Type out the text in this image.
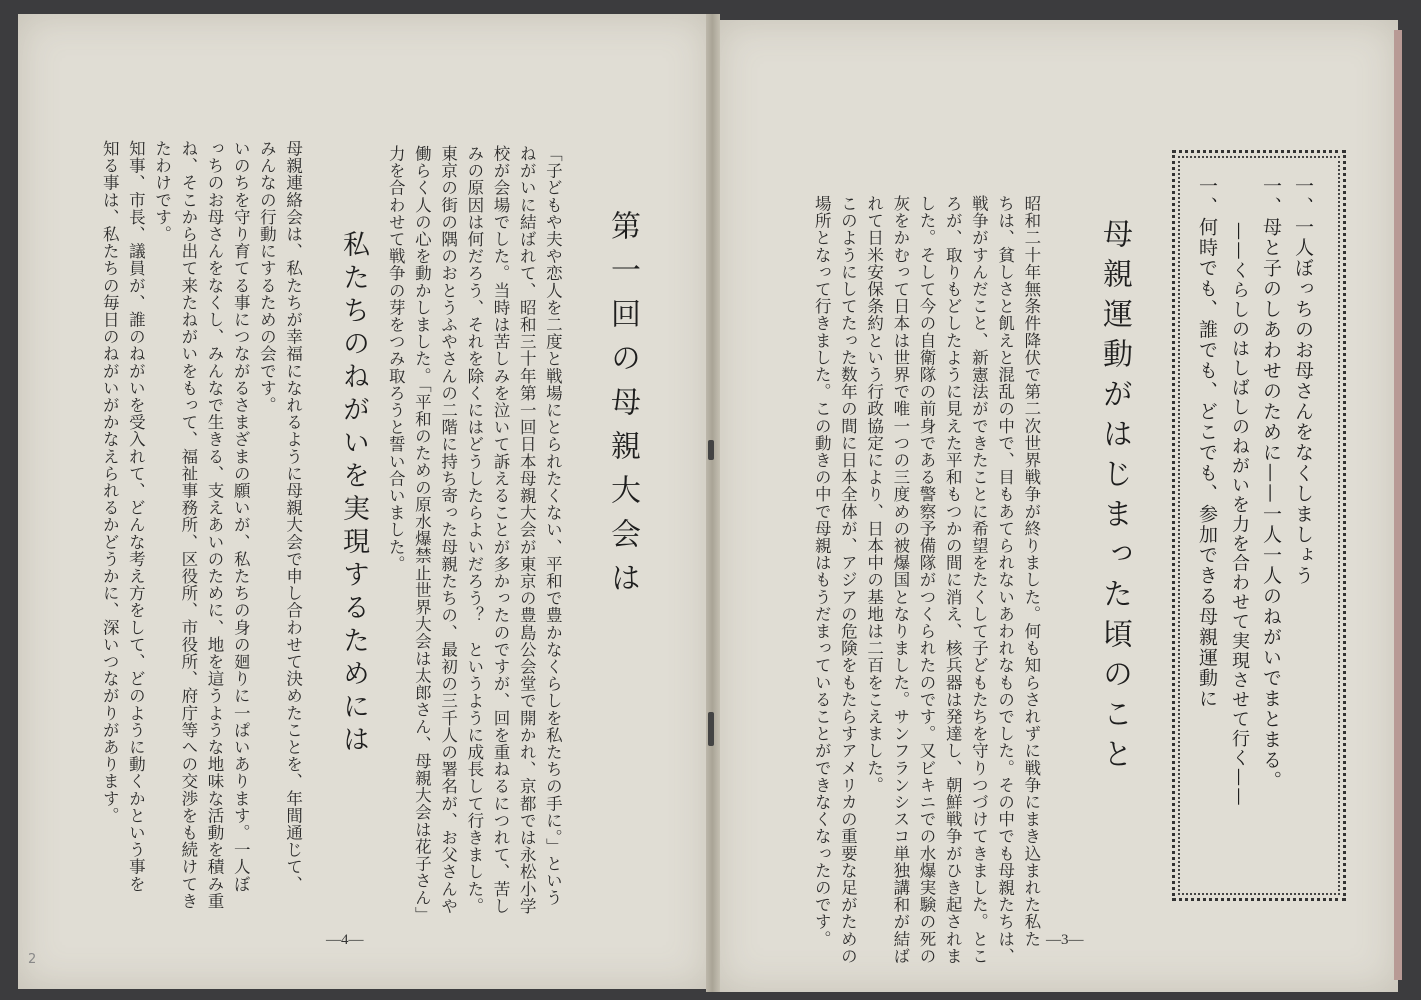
一、一人ぼっちのお母さんをなくしましょう
一、母と子のしあわせのために——一人一人のねがいでまとまる。
——くらしのはしばしのねがいを力を合わせて実現させて行く——
一、何時でも、誰でも、どこでも、参加できる母親運動に
母親運動がはじまった頃のこと
昭和二十年無条件降伏で第二次世界戦争が終りました。何も知らされずに戦争にまき込まれた私た
ちは、貧しさと飢えと混乱の中で、目もあてられないあわれなものでした。その中でも母親たちは、
戦争がすんだこと、新憲法ができたことに希望をたくして子どもたちを守りつづけてきました。とこ
ろが、取りもどしたように見えた平和もつかの間に消え、核兵器は発達し、朝鮮戦争がひき起されま
した。そして今の自衛隊の前身である警察予備隊がつくられたのです。又ビキニでの水爆実験の死の
灰をかむって日本は世界で唯一つの三度めの被爆国となりました。サンフランシスコ単独講和が結ば
れて日米安保条約という行政協定により、日本中の基地は二百をこえました。
このようにしてたった数年の間に日本全体が、アジアの危険をもたらすアメリカの重要な足がための
場所となって行きました。この動きの中で母親はもうだまっていることができなくなったのです。	—3—
第一回の母親大会は
「子どもや夫や恋人を二度と戦場にとられたくない、平和で豊かなくらしを私たちの手に。」という
ねがいに結ばれて、昭和三十年第一回日本母親大会が東京の豊島公会堂で開かれ、京都では永松小学
校が会場でした。当時は苦しみを泣いて訴えることが多かったのですが、回を重ねるにつれて、苦し
みの原因は何だろう、それを除くにはどうしたらよいだろう？　というように成長して行きました。
東京の街の隅のおとうふやさんの二階に持ち寄った母親たちの、最初の三千人の署名が、お父さんや
働らく人の心を動かしました。「平和のための原水爆禁止世界大会は太郎さん、母親大会は花子さん」
力を合わせて戦争の芽をつみ取ろうと誓い合いました。
私たちのねがいを実現するためには
母親連絡会は、私たちが幸福になれるように母親大会で申し合わせて決めたことを、年間通じて、
みんなの行動にするための会です。
いのちを守り育てる事につながるさまざまの願いが、私たちの身の廻りに一ぱいあります。一人ぼ
っちのお母さんをなくし、みんなで生きる、支えあいのために、地を這うような地味な活動を積み重
ね、そこから出て来たねがいをもって、福祉事務所、区役所、市役所、府庁等への交渉をも続けてき
たわけです。
知事、市長、議員が、誰のねがいを受入れて、どんな考え方をして、どのように動くかという事を
知る事は、私たちの毎日のねがいがかなえられるかどうかに、深いつながりがあります。
—4—
2
